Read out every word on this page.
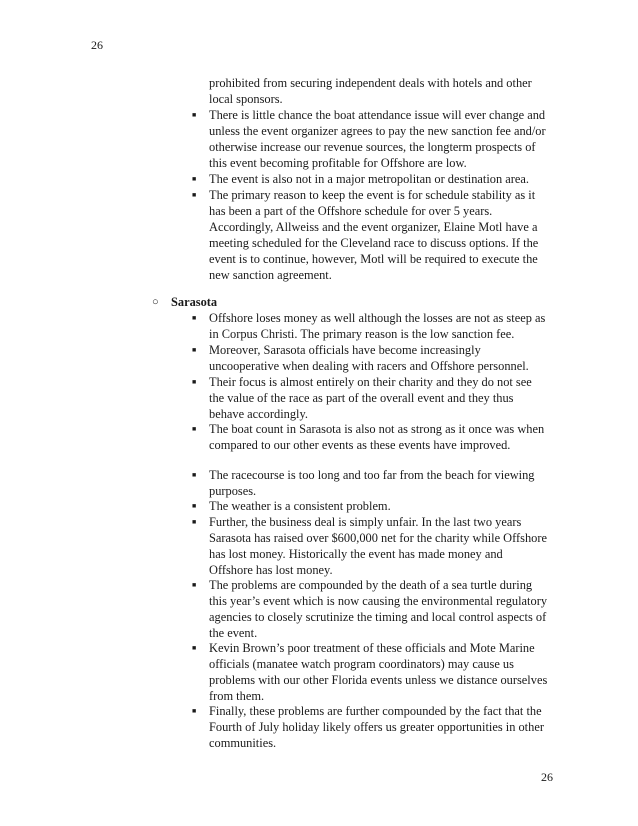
26
prohibited from securing independent deals with hotels and other local sponsors.
■ There is little chance the boat attendance issue will ever change and unless the event organizer agrees to pay the new sanction fee and/or otherwise increase our revenue sources, the longterm prospects of this event becoming profitable for Offshore are low.
■ The event is also not in a major metropolitan or destination area.
■ The primary reason to keep the event is for schedule stability as it has been a part of the Offshore schedule for over 5 years. Accordingly, Allweiss and the event organizer, Elaine Motl have a meeting scheduled for the Cleveland race to discuss options. If the event is to continue, however, Motl will be required to execute the new sanction agreement.
○ Sarasota
■ Offshore loses money as well although the losses are not as steep as in Corpus Christi. The primary reason is the low sanction fee.
■ Moreover, Sarasota officials have become increasingly uncooperative when dealing with racers and Offshore personnel.
■ Their focus is almost entirely on their charity and they do not see the value of the race as part of the overall event and they thus behave accordingly.
■ The boat count in Sarasota is also not as strong as it once was when compared to our other events as these events have improved.
■ The racecourse is too long and too far from the beach for viewing purposes.
■ The weather is a consistent problem.
■ Further, the business deal is simply unfair. In the last two years Sarasota has raised over $600,000 net for the charity while Offshore has lost money. Historically the event has made money and Offshore has lost money.
■ The problems are compounded by the death of a sea turtle during this year’s event which is now causing the environmental regulatory agencies to closely scrutinize the timing and local control aspects of the event.
■ Kevin Brown’s poor treatment of these officials and Mote Marine officials (manatee watch program coordinators) may cause us problems with our other Florida events unless we distance ourselves from them.
■ Finally, these problems are further compounded by the fact that the Fourth of July holiday likely offers us greater opportunities in other communities.
26
